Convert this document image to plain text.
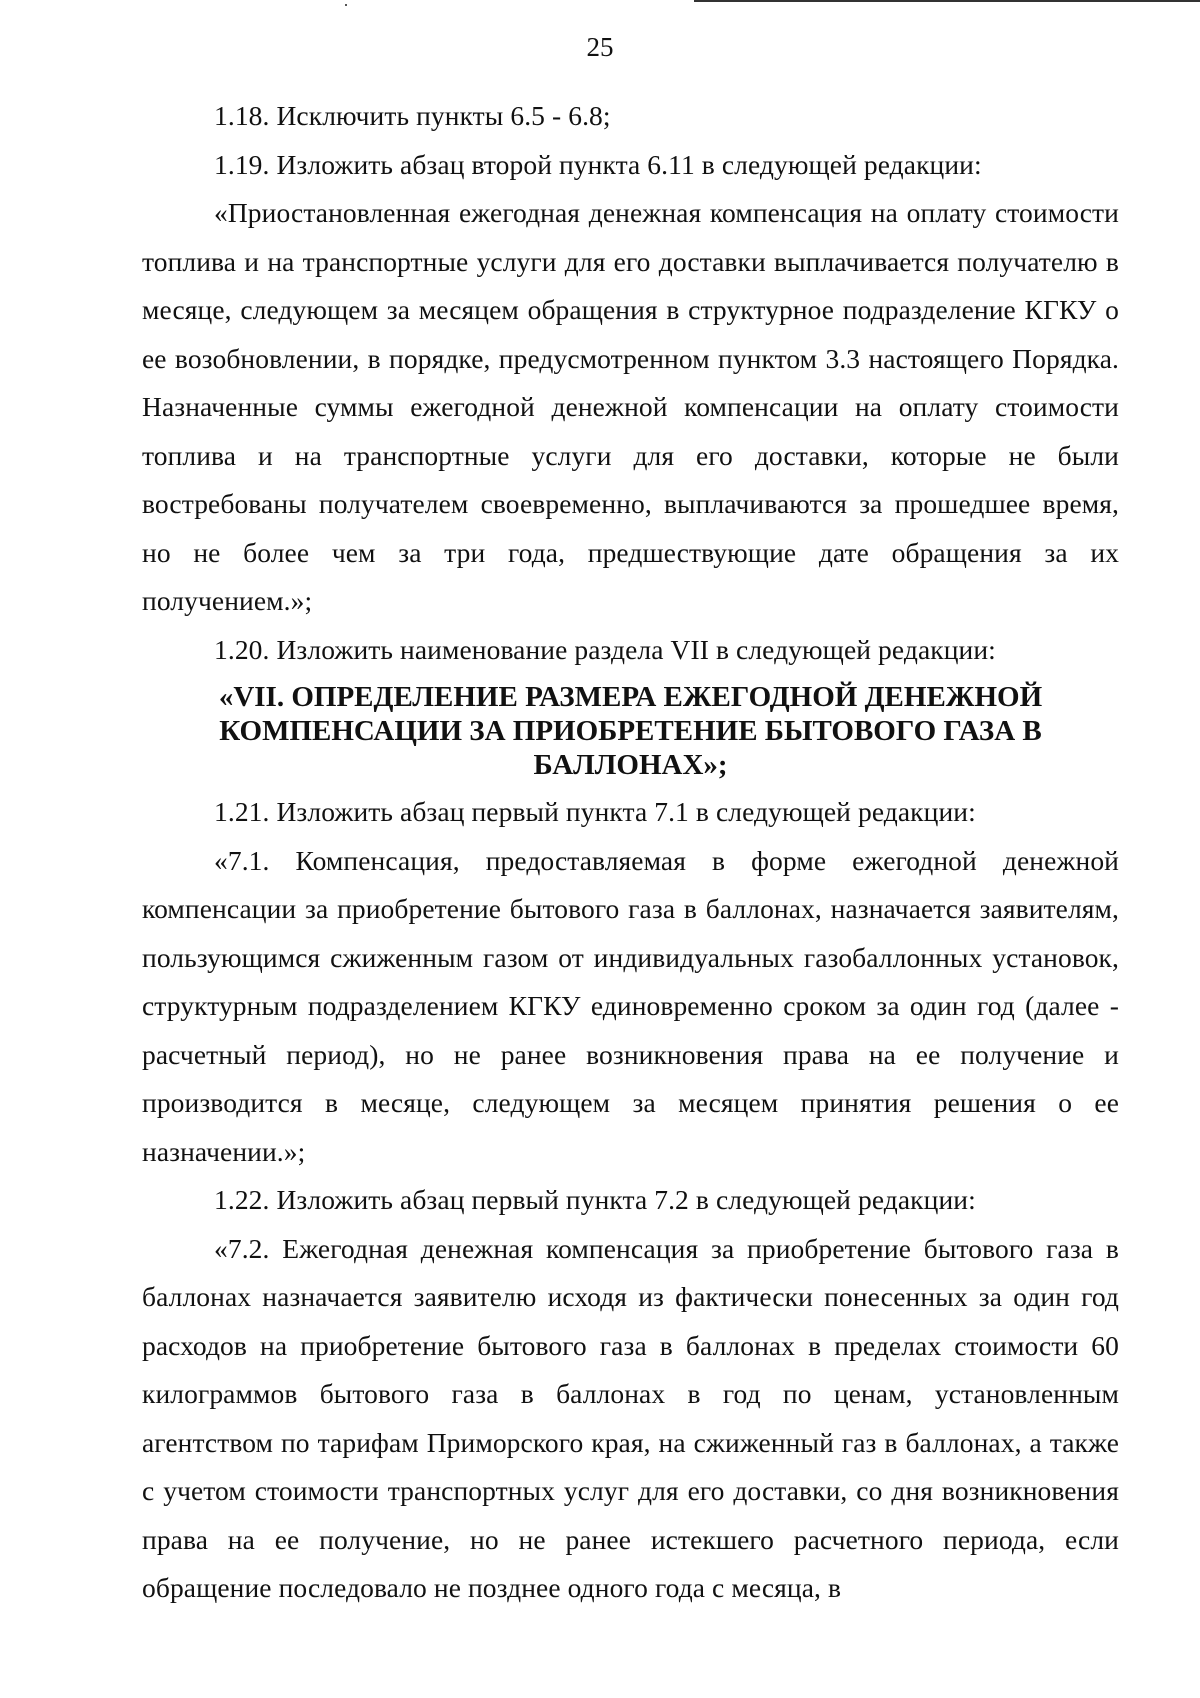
25

1.18. Исключить пункты 6.5 - 6.8;

1.19. Изложить абзац второй пункта 6.11 в следующей редакции:

«Приостановленная ежегодная денежная компенсация на оплату стоимости топлива и на транспортные услуги для его доставки выплачивается получателю в месяце, следующем за месяцем обращения в структурное подразделение КГКУ о ее возобновлении, в порядке, предусмотренном пунктом 3.3 настоящего Порядка. Назначенные суммы ежегодной денежной компенсации на оплату стоимости топлива и на транспортные услуги для его доставки, которые не были востребованы получателем своевременно, выплачиваются за прошедшее время, но не более чем за три года, предшествующие дате обращения за их получением.»;

1.20. Изложить наименование раздела VII в следующей редакции:

«VII. ОПРЕДЕЛЕНИЕ РАЗМЕРА ЕЖЕГОДНОЙ ДЕНЕЖНОЙ КОМПЕНСАЦИИ ЗА ПРИОБРЕТЕНИЕ БЫТОВОГО ГАЗА В БАЛЛОНАХ»;

1.21. Изложить абзац первый пункта 7.1 в следующей редакции:

«7.1. Компенсация, предоставляемая в форме ежегодной денежной компенсации за приобретение бытового газа в баллонах, назначается заявителям, пользующимся сжиженным газом от индивидуальных газобаллонных установок, структурным подразделением КГКУ единовременно сроком за один год (далее - расчетный период), но не ранее возникновения права на ее получение и производится в месяце, следующем за месяцем принятия решения о ее назначении.»;

1.22. Изложить абзац первый пункта 7.2 в следующей редакции:

«7.2. Ежегодная денежная компенсация за приобретение бытового газа в баллонах назначается заявителю исходя из фактически понесенных за один год расходов на приобретение бытового газа в баллонах в пределах стоимости 60 килограммов бытового газа в баллонах в год по ценам, установленным агентством по тарифам Приморского края, на сжиженный газ в баллонах, а также с учетом стоимости транспортных услуг для его доставки, со дня возникновения права на ее получение, но не ранее истекшего расчетного периода, если обращение последовало не позднее одного года с месяца, в
